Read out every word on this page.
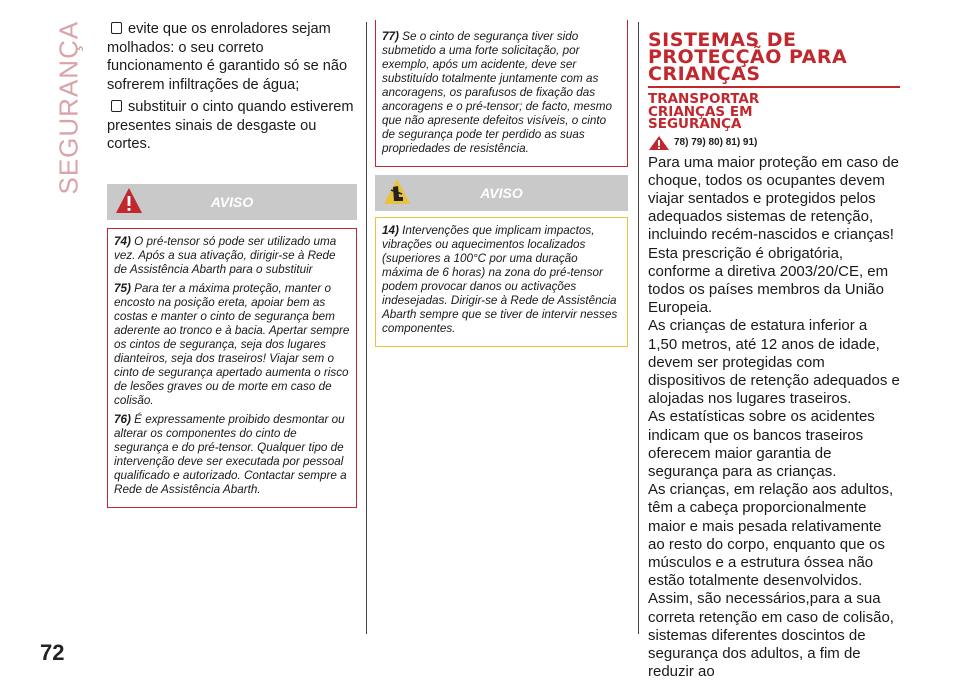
SEGURANÇA
72

evite que os enroladores sejam molhados: o seu correto funcionamento é garantido só se não sofrerem infiltrações de água;

substituir o cinto quando estiverem presentes sinais de desgaste ou cortes.

AVISO

74) O pré-tensor só pode ser utilizado uma vez. Após a sua ativação, dirigir-se à Rede de Assistência Abarth para o substituir

75) Para ter a máxima proteção, manter o encosto na posição ereta, apoiar bem as costas e manter o cinto de segurança bem aderente ao tronco e à bacia. Apertar sempre os cintos de segurança, seja dos lugares dianteiros, seja dos traseiros! Viajar sem o cinto de segurança apertado aumenta o risco de lesões graves ou de morte em caso de colisão.

76) É expressamente proibido desmontar ou alterar os componentes do cinto de segurança e do pré-tensor. Qualquer tipo de intervenção deve ser executada por pessoal qualificado e autorizado. Contactar sempre a Rede de Assistência Abarth.

77) Se o cinto de segurança tiver sido submetido a uma forte solicitação, por exemplo, após um acidente, deve ser substituído totalmente juntamente com as ancoragens, os parafusos de fixação das ancoragens e o pré-tensor; de facto, mesmo que não apresente defeitos visíveis, o cinto de segurança pode ter perdido as suas propriedades de resistência.

AVISO

14) Intervenções que implicam impactos, vibrações ou aquecimentos localizados (superiores a 100°C por uma duração máxima de 6 horas) na zona do pré-tensor podem provocar danos ou activações indesejadas. Dirigir-se à Rede de Assistência Abarth sempre que se tiver de intervir nesses componentes.

SISTEMAS DE
PROTECÇÃO PARA
CRIANÇAS
TRANSPORTAR
CRIANÇAS EM
SEGURANÇA
78) 79) 80) 81) 91)

Para uma maior proteção em caso de choque, todos os ocupantes devem viajar sentados e protegidos pelos adequados sistemas de retenção, incluindo recém-nascidos e crianças!

Esta prescrição é obrigatória, conforme a diretiva 2003/20/CE, em todos os países membros da União Europeia.

As crianças de estatura inferior a 1,50 metros, até 12 anos de idade, devem ser protegidas com dispositivos de retenção adequados e alojadas nos lugares traseiros.

As estatísticas sobre os acidentes indicam que os bancos traseiros oferecem maior garantia de segurança para as crianças.

As crianças, em relação aos adultos, têm a cabeça proporcionalmente maior e mais pesada relativamente ao resto do corpo, enquanto que os músculos e a estrutura óssea não estão totalmente desenvolvidos. Assim, são necessários,para a sua correta retenção em caso de colisão, sistemas diferentes doscintos de segurança dos adultos, a fim de reduzir ao
